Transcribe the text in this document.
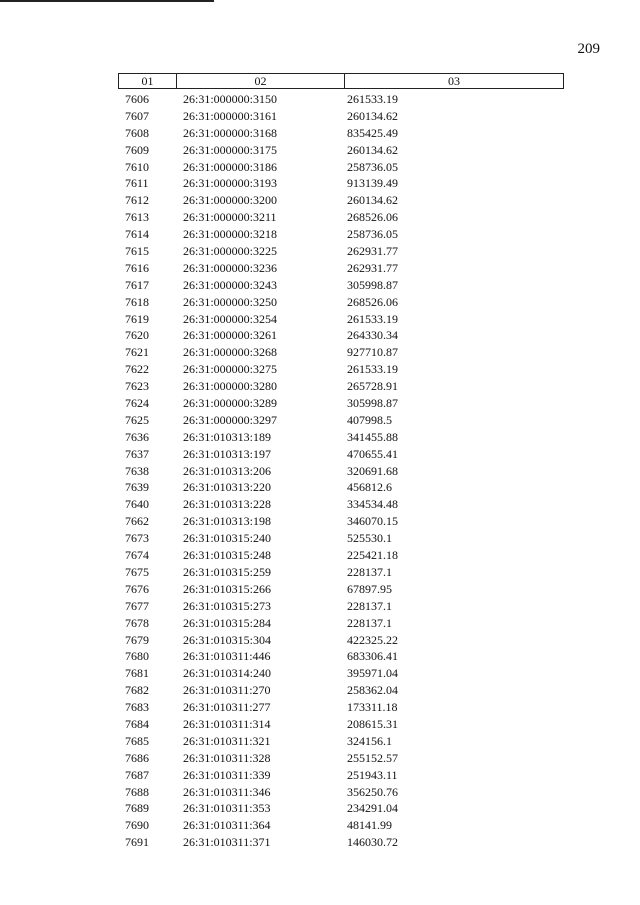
209
01	02	03
7606	26:31:000000:3150	261533.19
7607	26:31:000000:3161	260134.62
7608	26:31:000000:3168	835425.49
7609	26:31:000000:3175	260134.62
7610	26:31:000000:3186	258736.05
7611	26:31:000000:3193	913139.49
7612	26:31:000000:3200	260134.62
7613	26:31:000000:3211	268526.06
7614	26:31:000000:3218	258736.05
7615	26:31:000000:3225	262931.77
7616	26:31:000000:3236	262931.77
7617	26:31:000000:3243	305998.87
7618	26:31:000000:3250	268526.06
7619	26:31:000000:3254	261533.19
7620	26:31:000000:3261	264330.34
7621	26:31:000000:3268	927710.87
7622	26:31:000000:3275	261533.19
7623	26:31:000000:3280	265728.91
7624	26:31:000000:3289	305998.87
7625	26:31:000000:3297	407998.5
7636	26:31:010313:189	341455.88
7637	26:31:010313:197	470655.41
7638	26:31:010313:206	320691.68
7639	26:31:010313:220	456812.6
7640	26:31:010313:228	334534.48
7662	26:31:010313:198	346070.15
7673	26:31:010315:240	525530.1
7674	26:31:010315:248	225421.18
7675	26:31:010315:259	228137.1
7676	26:31:010315:266	67897.95
7677	26:31:010315:273	228137.1
7678	26:31:010315:284	228137.1
7679	26:31:010315:304	422325.22
7680	26:31:010311:446	683306.41
7681	26:31:010314:240	395971.04
7682	26:31:010311:270	258362.04
7683	26:31:010311:277	173311.18
7684	26:31:010311:314	208615.31
7685	26:31:010311:321	324156.1
7686	26:31:010311:328	255152.57
7687	26:31:010311:339	251943.11
7688	26:31:010311:346	356250.76
7689	26:31:010311:353	234291.04
7690	26:31:010311:364	48141.99
7691	26:31:010311:371	146030.72
